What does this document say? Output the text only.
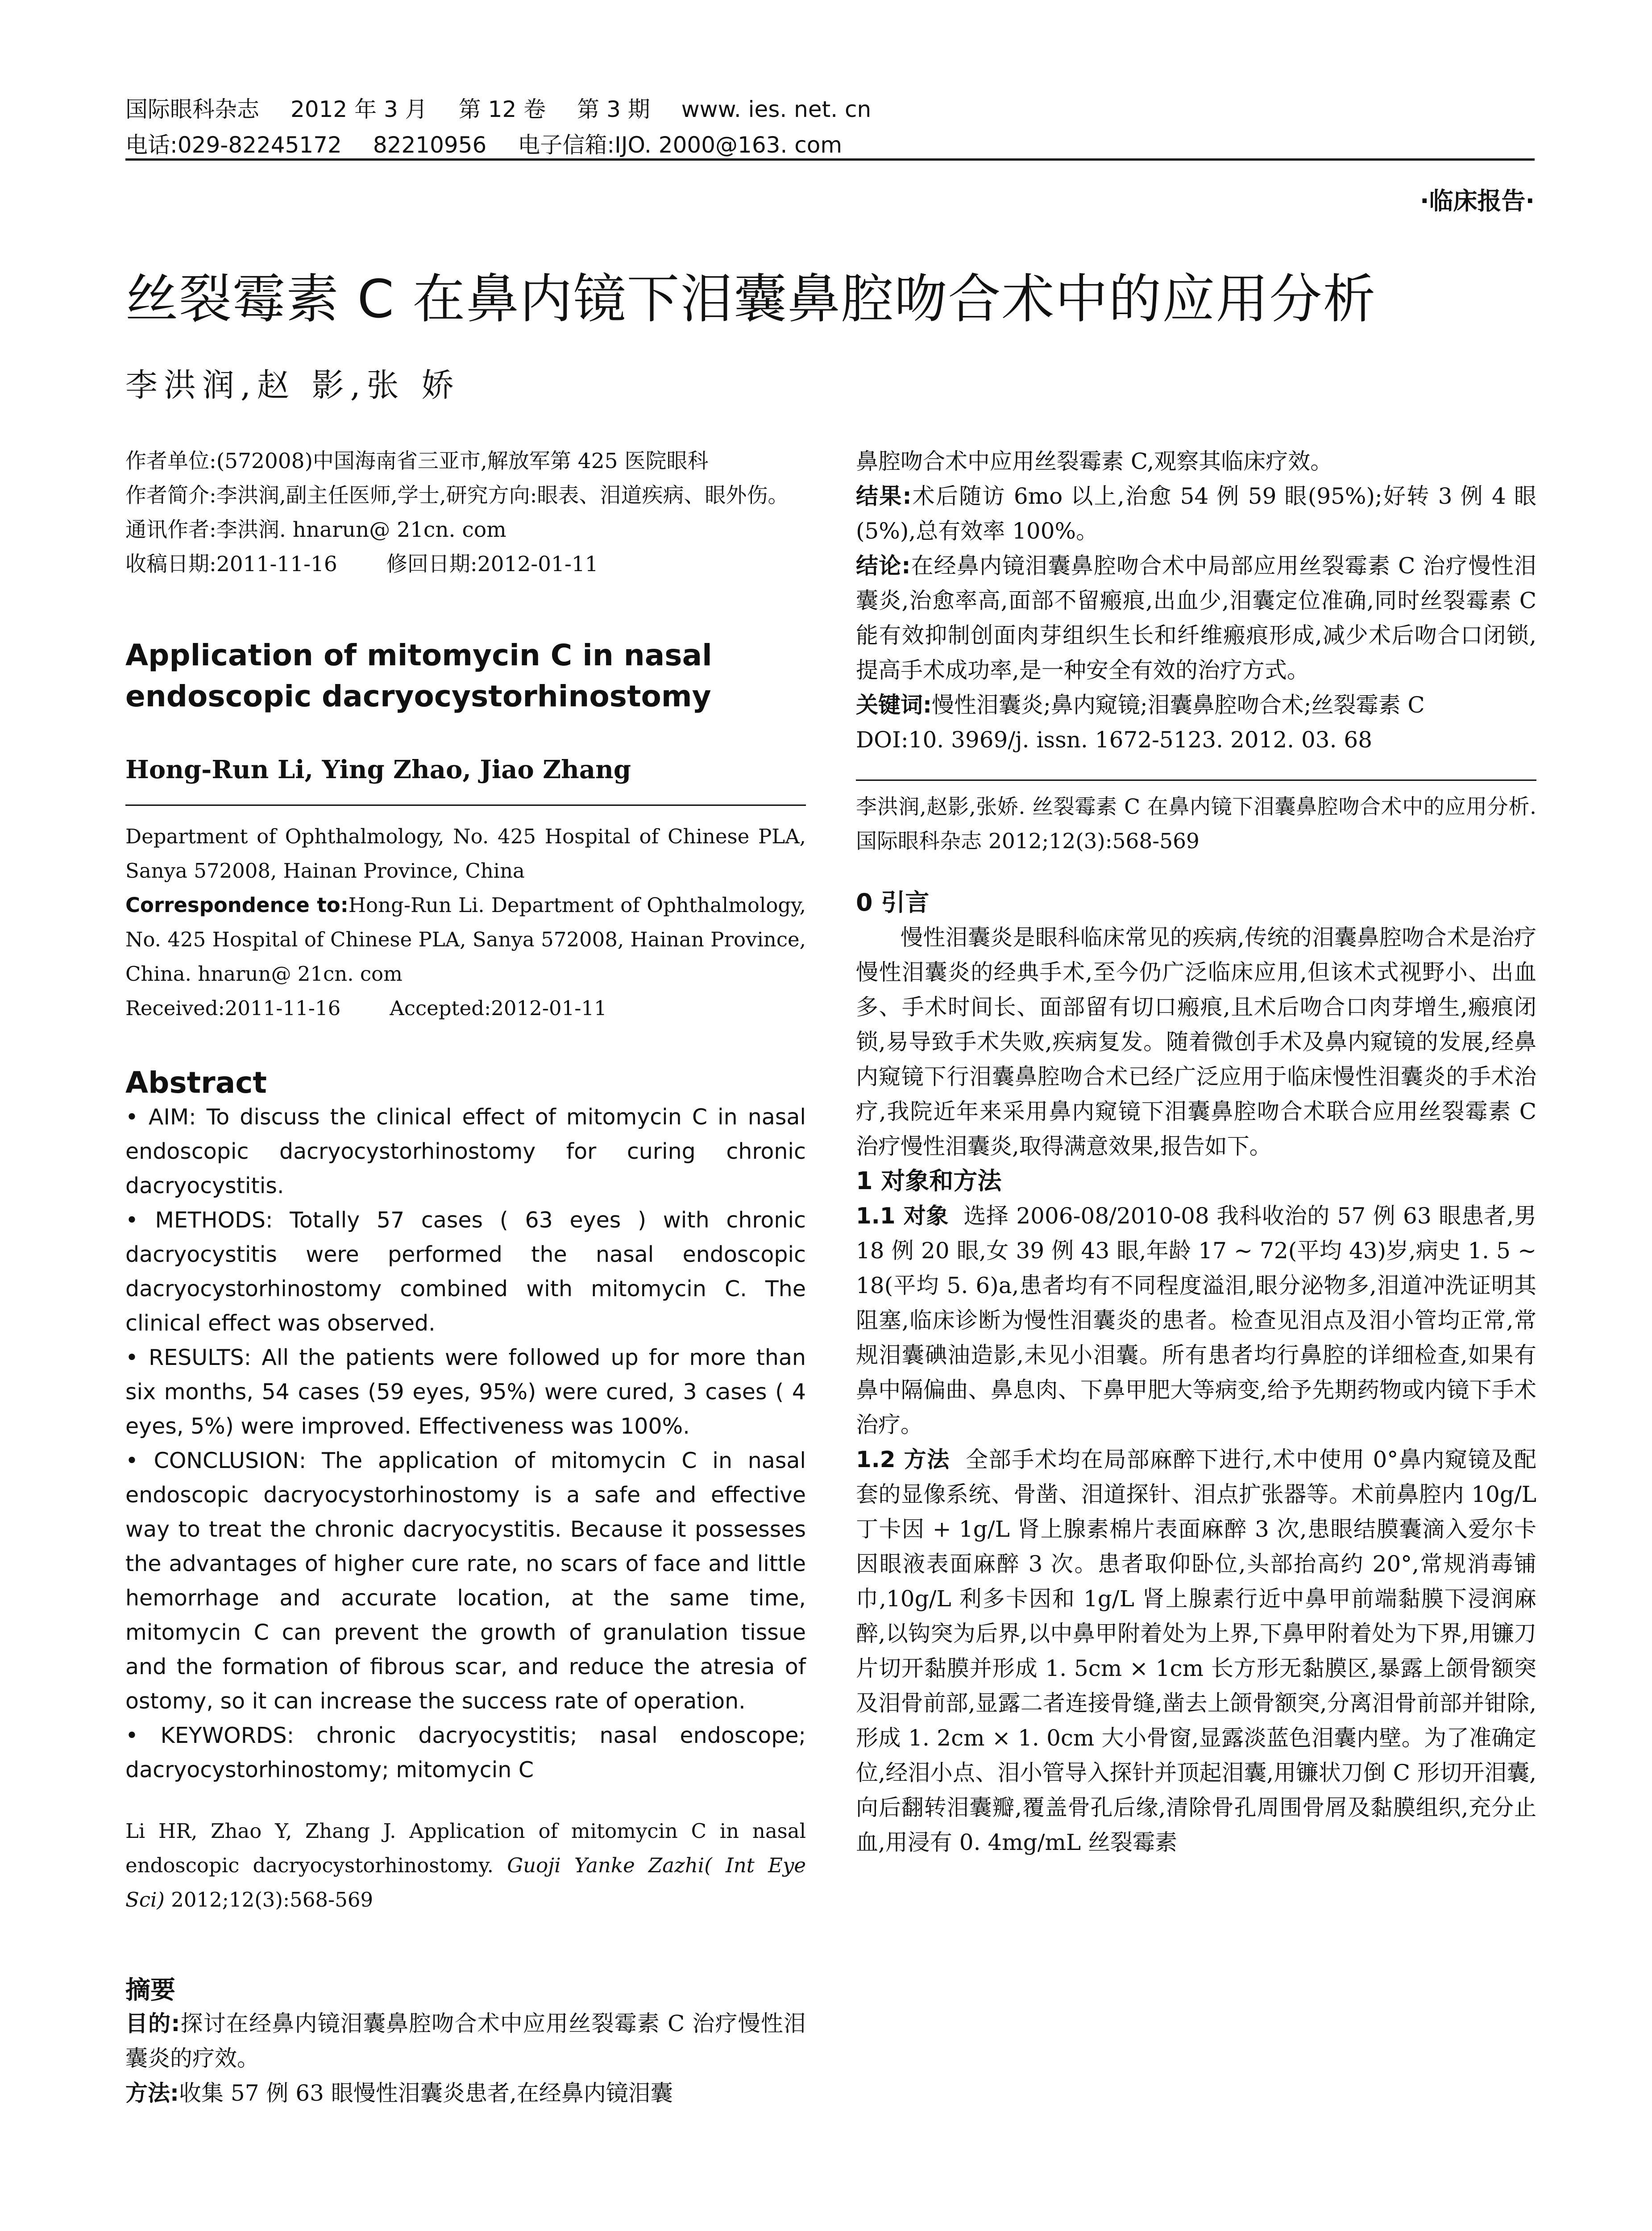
国际眼科杂志 2012 年 3 月 第 12 卷 第 3 期 www. ies. net. cn
电话:029-82245172 82210956 电子信箱:IJO. 2000@163. com
·临床报告·
丝裂霉素 C 在鼻内镜下泪囊鼻腔吻合术中的应用分析
李洪润,赵 影,张 娇
作者单位:(572008)中国海南省三亚市,解放军第 425 医院眼科
作者简介:李洪润,副主任医师,学士,研究方向:眼表、泪道疾病、眼外伤。
通讯作者:李洪润. hnarun@ 21cn. com
收稿日期:2011-11-16 修回日期:2012-01-11
Application of mitomycin C in nasal endoscopic dacryocystorhinostomy
Hong-Run Li, Ying Zhao, Jiao Zhang
Department of Ophthalmology, No. 425 Hospital of Chinese PLA, Sanya 572008, Hainan Province, China
Correspondence to:Hong-Run Li. Department of Ophthalmology, No. 425 Hospital of Chinese PLA, Sanya 572008, Hainan Province, China. hnarun@ 21cn. com
Received:2011-11-16 Accepted:2012-01-11
Abstract

• AIM: To discuss the clinical effect of mitomycin C in nasal endoscopic dacryocystorhinostomy for curing chronic dacryocystitis.

• METHODS: Totally 57 cases ( 63 eyes ) with chronic dacryocystitis were performed the nasal endoscopic dacryocystorhinostomy combined with mitomycin C. The clinical effect was observed.

• RESULTS: All the patients were followed up for more than six months, 54 cases (59 eyes, 95%) were cured, 3 cases ( 4 eyes, 5%) were improved. Effectiveness was 100%.

• CONCLUSION: The application of mitomycin C in nasal endoscopic dacryocystorhinostomy is a safe and effective way to treat the chronic dacryocystitis. Because it possesses the advantages of higher cure rate, no scars of face and little hemorrhage and accurate location, at the same time, mitomycin C can prevent the growth of granulation tissue and the formation of fibrous scar, and reduce the atresia of ostomy, so it can increase the success rate of operation.

• KEYWORDS: chronic dacryocystitis; nasal endoscope; dacryocystorhinostomy; mitomycin C

Li HR, Zhao Y, Zhang J. Application of mitomycin C in nasal endoscopic dacryocystorhinostomy. Guoji Yanke Zazhi( Int Eye Sci) 2012;12(3):568-569
摘要

目的:探讨在经鼻内镜泪囊鼻腔吻合术中应用丝裂霉素 C 治疗慢性泪囊炎的疗效。

方法:收集 57 例 63 眼慢性泪囊炎患者,在经鼻内镜泪囊

鼻腔吻合术中应用丝裂霉素 C,观察其临床疗效。

结果:术后随访 6mo 以上,治愈 54 例 59 眼(95%);好转 3 例 4 眼(5%),总有效率 100%。

结论:在经鼻内镜泪囊鼻腔吻合术中局部应用丝裂霉素 C 治疗慢性泪囊炎,治愈率高,面部不留瘢痕,出血少,泪囊定位准确,同时丝裂霉素 C 能有效抑制创面肉芽组织生长和纤维瘢痕形成,减少术后吻合口闭锁,提高手术成功率,是一种安全有效的治疗方式。

关键词:慢性泪囊炎;鼻内窥镜;泪囊鼻腔吻合术;丝裂霉素 C

DOI:10. 3969/j. issn. 1672-5123. 2012. 03. 68

李洪润,赵影,张娇. 丝裂霉素 C 在鼻内镜下泪囊鼻腔吻合术中的应用分析. 国际眼科杂志 2012;12(3):568-569

0 引言

慢性泪囊炎是眼科临床常见的疾病,传统的泪囊鼻腔吻合术是治疗慢性泪囊炎的经典手术,至今仍广泛临床应用,但该术式视野小、出血多、手术时间长、面部留有切口瘢痕,且术后吻合口肉芽增生,瘢痕闭锁,易导致手术失败,疾病复发。随着微创手术及鼻内窥镜的发展,经鼻内窥镜下行泪囊鼻腔吻合术已经广泛应用于临床慢性泪囊炎的手术治疗,我院近年来采用鼻内窥镜下泪囊鼻腔吻合术联合应用丝裂霉素 C 治疗慢性泪囊炎,取得满意效果,报告如下。

1 对象和方法

1.1 对象 选择 2006-08/2010-08 我科收治的 57 例 63 眼患者,男 18 例 20 眼,女 39 例 43 眼,年龄 17 ~ 72(平均 43)岁,病史 1. 5 ~ 18(平均 5. 6)a,患者均有不同程度溢泪,眼分泌物多,泪道冲洗证明其阻塞,临床诊断为慢性泪囊炎的患者。检查见泪点及泪小管均正常,常规泪囊碘油造影,未见小泪囊。所有患者均行鼻腔的详细检查,如果有鼻中隔偏曲、鼻息肉、下鼻甲肥大等病变,给予先期药物或内镜下手术治疗。

1.2 方法 全部手术均在局部麻醉下进行,术中使用 0°鼻内窥镜及配套的显像系统、骨凿、泪道探针、泪点扩张器等。术前鼻腔内 10g/L 丁卡因 + 1g/L 肾上腺素棉片表面麻醉 3 次,患眼结膜囊滴入爱尔卡因眼液表面麻醉 3 次。患者取仰卧位,头部抬高约 20°,常规消毒铺巾,10g/L 利多卡因和 1g/L 肾上腺素行近中鼻甲前端黏膜下浸润麻醉,以钩突为后界,以中鼻甲附着处为上界,下鼻甲附着处为下界,用镰刀片切开黏膜并形成 1. 5cm × 1cm 长方形无黏膜区,暴露上颌骨额突及泪骨前部,显露二者连接骨缝,凿去上颌骨额突,分离泪骨前部并钳除,形成 1. 2cm × 1. 0cm 大小骨窗,显露淡蓝色泪囊内壁。为了准确定位,经泪小点、泪小管导入探针并顶起泪囊,用镰状刀倒 C 形切开泪囊,向后翻转泪囊瓣,覆盖骨孔后缘,清除骨孔周围骨屑及黏膜组织,充分止血,用浸有 0. 4mg/mL 丝裂霉素
